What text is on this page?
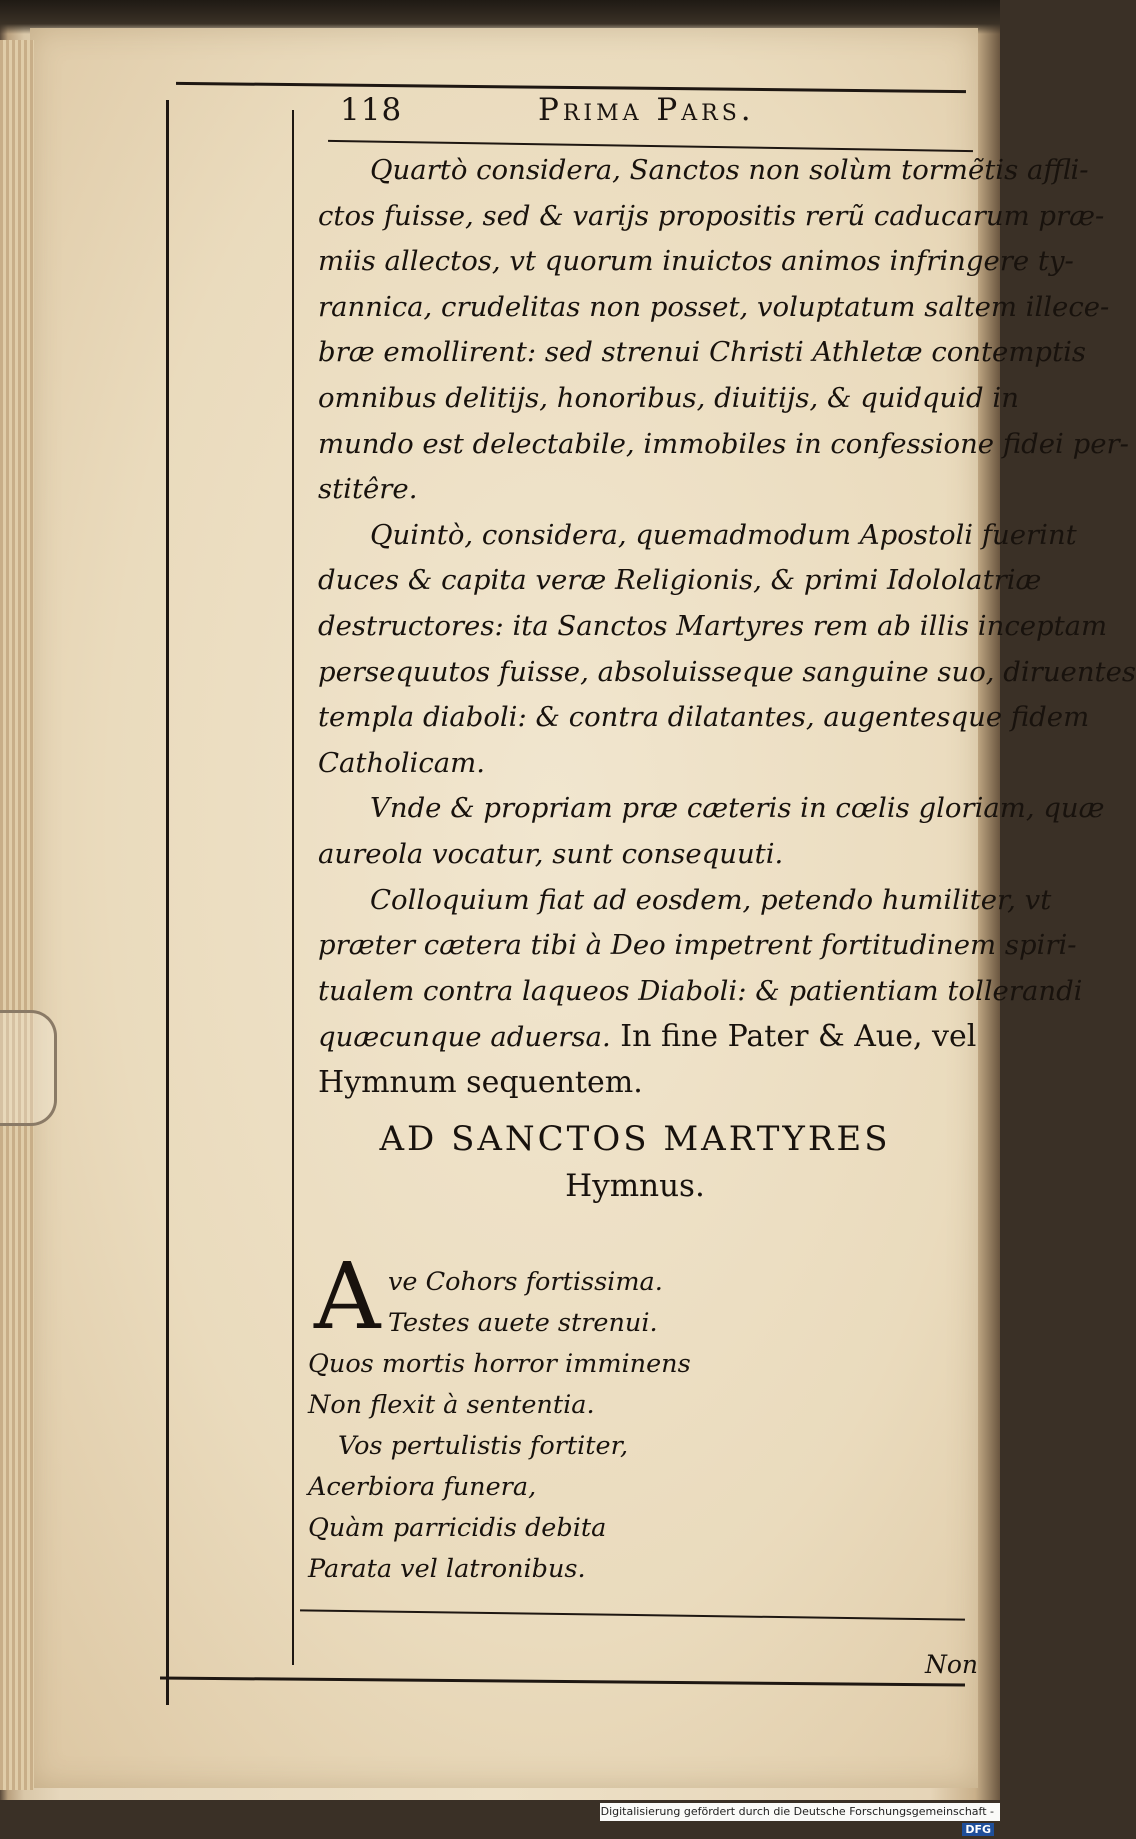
118	Prima Pars.
Quartò considera, Sanctos non solùm tormẽtis affli-
ctos fuisse, sed & varijs propositis rerũ caducarum præ-
miis allectos, vt quorum inuictos animos infringere ty-
rannica, crudelitas non posset, voluptatum saltem illece-
bræ emollirent: sed strenui Christi Athletæ contemptis
omnibus delitijs, honoribus, diuitijs, & quidquid in
mundo est delectabile, immobiles in confessione fidei per-
stitêre.
Quintò, considera, quemadmodum Apostoli fuerint
duces & capita veræ Religionis, & primi Idololatriæ
destructores: ita Sanctos Martyres rem ab illis inceptam
persequutos fuisse, absoluisseque sanguine suo, diruentes
templa diaboli: & contra dilatantes, augentesque fidem
Catholicam.
Vnde & propriam præ cæteris in cœlis gloriam, quæ
aureola vocatur, sunt consequuti.
Colloquium fiat ad eosdem, petendo humiliter, vt
præter cætera tibi à Deo impetrent fortitudinem spiri-
tualem contra laqueos Diaboli: & patientiam tollerandi
quæcunque aduersa. In fine Pater & Aue, vel
Hymnum sequentem.
AD SANCTOS MARTYRES
Hymnus.
A ve Cohors fortissima.
Testes auete strenui.
Quos mortis horror imminens
Non flexit à sententia.
Vos pertulistis fortiter,
Acerbiora funera,
Quàm parricidis debita
Parata vel latronibus.
Non
Digitalisierung gefördert durch die Deutsche Forschungsgemeinschaft -DFG
